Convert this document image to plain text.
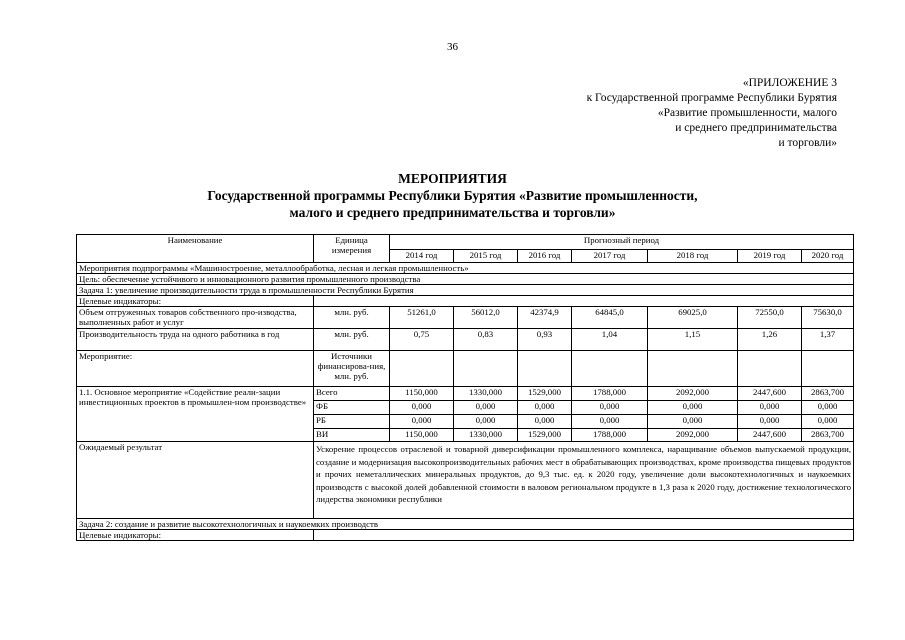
36
«ПРИЛОЖЕНИЕ 3
к Государственной программе Республики Бурятия
«Развитие промышленности, малого
и среднего предпринимательства
и торговли»
МЕРОПРИЯТИЯ
Государственной программы Республики Бурятия «Развитие промышленности,
малого и среднего предпринимательства и торговли»
Наименование	Единица измерения	Прогнозный период						
		2014 год	2015 год	2016 год	2017 год	2018 год	2019 год	2020 год
Мероприятия подпрограммы «Машиностроение, металлообработка, лесная и легкая промышленность»								
Цель: обеспечение устойчивого и инновационного развития промышленного производства								
Задача 1: увеличение производительности труда в промышленности Республики Бурятия								
Целевые индикаторы:								
Объем отгруженных товаров собственного про-изводства, выполненных работ и услуг	млн. руб.	51261,0	56012,0	42374,9	64845,0	69025,0	72550,0	75630,0
Производительность труда на одного работника в год	млн. руб.	0,75	0,83	0,93	1,04	1,15	1,26	1,37
Мероприятие:	Источники финансирова-ния, млн. руб.							
1.1. Основное мероприятие «Содействие реали-зации инвестиционных проектов в промышлен-ном производстве»	Всего	1150,000	1330,000	1529,000	1788,000	2092,000	2447,600	2863,700
	ФБ	0,000	0,000	0,000	0,000	0,000	0,000	0,000
	РБ	0,000	0,000	0,000	0,000	0,000	0,000	0,000
	ВИ	1150,000	1330,000	1529,000	1788,000	2092,000	2447,600	2863,700
Ожидаемый результат	Ускорение процессов отраслевой и товарной диверсификации промышленного комплекса, наращивание объемов выпускаемой продукции, создание и модернизация высокопроизводительных рабочих мест в обрабатывающих производствах, кроме производства пищевых продуктов и прочих неметаллических минеральных продуктов, до 9,3 тыс. ед. к 2020 году, увеличение доли высокотехнологичных и наукоемких производств с высокой долей добавленной стоимости в валовом региональном продукте в 1,3 раза к 2020 году, достижение технологического лидерства экономики республики							
Задача 2: создание и развитие высокотехнологичных и наукоемких производств								
Целевые индикаторы:								
